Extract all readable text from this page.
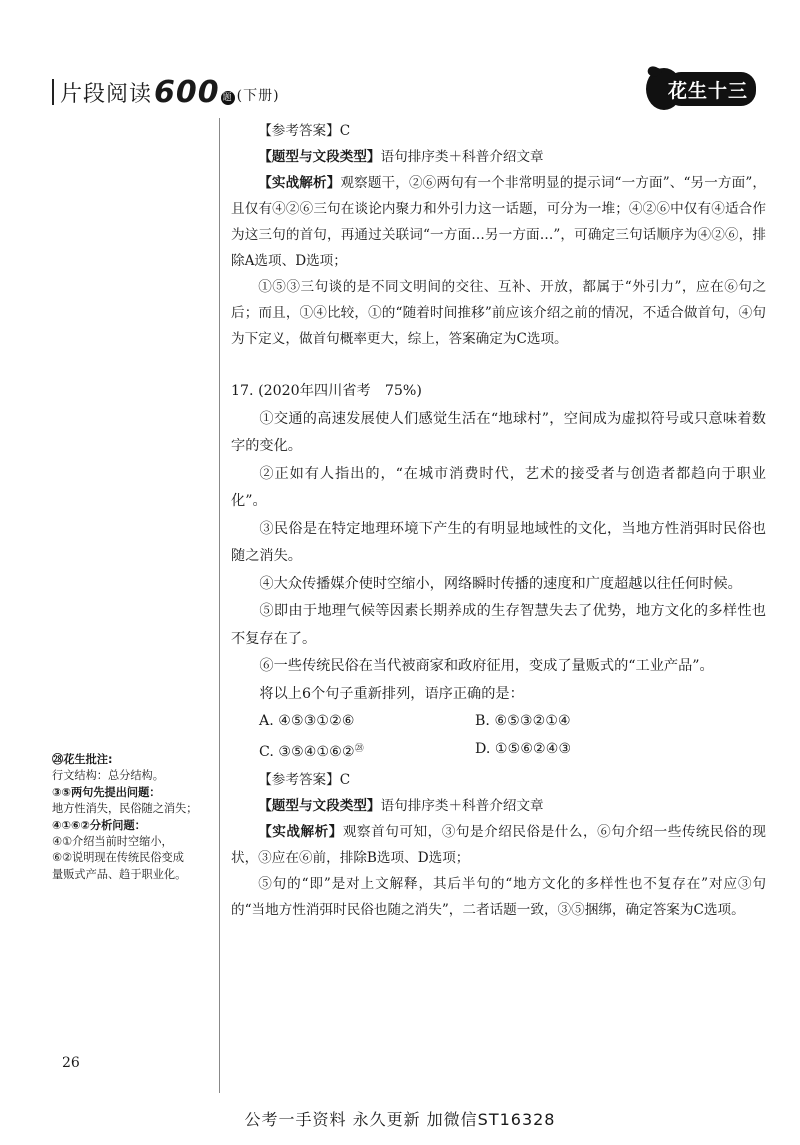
片段阅读 600 题 (下册)	花生十三

【参考答案】C

【题型与文段类型】语句排序类＋科普介绍文章

【实战解析】观察题干，②⑥两句有一个非常明显的提示词“一方面”、“另一方面”，且仅有④②⑥三句在谈论内聚力和外引力这一话题，可分为一堆；④②⑥中仅有④适合作为这三句的首句，再通过关联词“一方面…另一方面…”，可确定三句话顺序为④②⑥，排除A选项、D选项；

①⑤③三句谈的是不同文明间的交往、互补、开放，都属于“外引力”，应在⑥句之后；而且，①④比较，①的“随着时间推移”前应该介绍之前的情况，不适合做首句，④句为下定义，做首句概率更大，综上，答案确定为C选项。

17. (2020年四川省考　75%)

①交通的高速发展使人们感觉生活在“地球村”，空间成为虚拟符号或只意味着数字的变化。

②正如有人指出的，“在城市消费时代，艺术的接受者与创造者都趋向于职业化”。

③民俗是在特定地理环境下产生的有明显地域性的文化，当地方性消弭时民俗也随之消失。

④大众传播媒介使时空缩小，网络瞬时传播的速度和广度超越以往任何时候。

⑤即由于地理气候等因素长期养成的生存智慧失去了优势，地方文化的多样性也不复存在了。

⑥一些传统民俗在当代被商家和政府征用，变成了量贩式的“工业产品”。

将以上6个句子重新排列，语序正确的是：

A. ④⑤③①②⑥	B. ⑥⑤③②①④
C. ③⑤④①⑥②$^㉘$	D. ①⑤⑥②④③

【参考答案】C

【题型与文段类型】语句排序类＋科普介绍文章

【实战解析】观察首句可知，③句是介绍民俗是什么，⑥句介绍一些传统民俗的现状，③应在⑥前，排除B选项、D选项；

⑤句的“即”是对上文解释，其后半句的“地方文化的多样性也不复存在”对应③句的“当地方性消弭时民俗也随之消失”，二者话题一致，③⑤捆绑，确定答案为C选项。

㉘花生批注:
行文结构：总分结构。
③⑤两句先提出问题：
地方性消失，民俗随之消失；
④①⑥②分析问题：
④①介绍当前时空缩小，
⑥②说明现在传统民俗变成
量贩式产品、趋于职业化。
26
公考一手资料 永久更新 加微信ST16328
